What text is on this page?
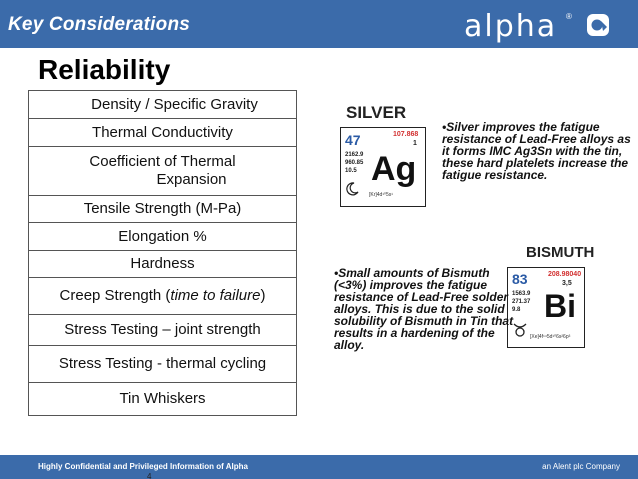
Key Considerations	alpha ®
Reliability
Density / Specific Gravity
Thermal Conductivity
Coefficient of Thermal
Expansion
Tensile Strength (M-Pa)
Elongation %
Hardness
Creep Strength (time to failure)
Stress Testing – joint strength
Stress Testing - thermal cycling
Tin Whiskers
SILVER
47	107.868
1
2162.9
960.85
10.5 Ag
[Kr]4d¹⁰5s¹
•Silver improves the fatigue resistance of Lead-Free alloys as it forms IMC Ag3Sn with the tin, these hard platelets increase the fatigue resistance.
BISMUTH
83	208.98040
3,5
1563.9
271.37
9.8 Bi
[Xe]4f¹⁴5d¹⁰6s²6p³
•Small amounts of Bismuth (<3%) improves the fatigue resistance of Lead-Free solder alloys. This is due to the solid solubility of Bismuth in Tin that results in a hardening of the alloy.
Highly Confidential and Privileged Information of Alpha	an Alent plc Company
4
